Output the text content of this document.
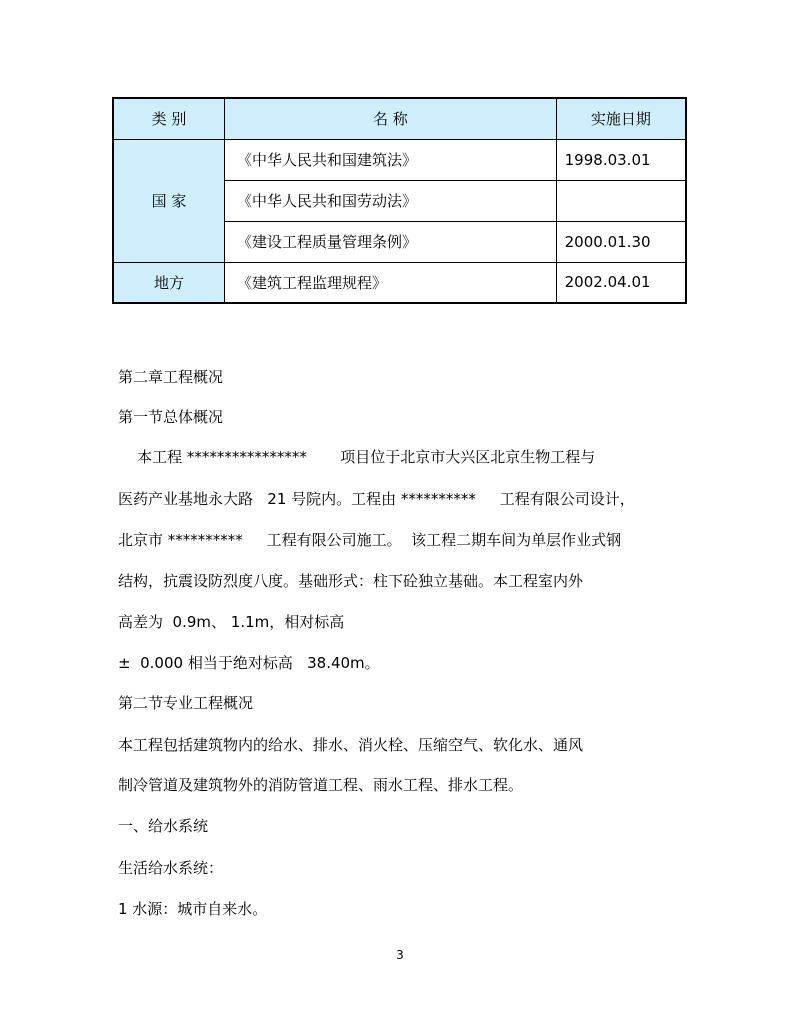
类 别	名 称	实施日期
国 家	《中华人民共和国建筑法》	1998.03.01
	《中华人民共和国劳动法》	
	《建设工程质量管理条例》	2000.01.30
地方	《建筑工程监理规程》	2002.04.01

第二章工程概况

第一节总体概况

本工程 ****************       项目位于北京市大兴区北京生物工程与

医药产业基地永大路   21 号院内。工程由 **********     工程有限公司设计，

北京市 **********     工程有限公司施工。  该工程二期车间为单层作业式钢

结构，抗震设防烈度八度。基础形式：柱下砼独立基础。本工程室内外

高差为  0.9m、 1.1m，相对标高

±  0.000 相当于绝对标高   38.40m。

第二节专业工程概况

本工程包括建筑物内的给水、排水、消火栓、压缩空气、软化水、通风

制冷管道及建筑物外的消防管道工程、雨水工程、排水工程。

一、给水系统

生活给水系统：

1 水源：城市自来水。

3
